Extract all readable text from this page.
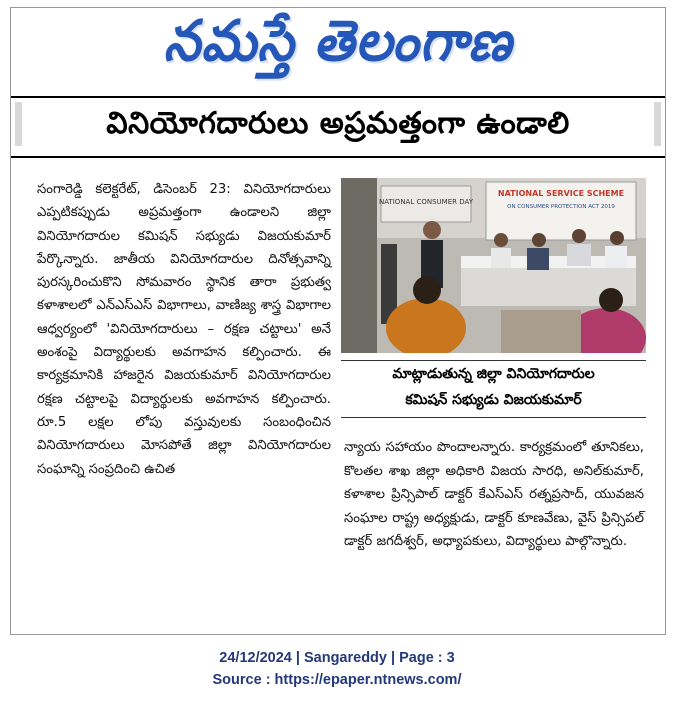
నమస్తే తెలంగాణ
వినియోగదారులు అప్రమత్తంగా ఉండాలి

సంగారెడ్డి కలెక్టరేట్, డిసెంబర్ 23: వినియోగదారులు ఎప్పటికప్పుడు అప్రమత్తంగా ఉండాలని జిల్లా వినియోగదారుల కమిషన్ సభ్యుడు విజయకుమార్ పేర్కొన్నారు. జాతీయ వినియోగదారుల దినోత్సవాన్ని పురస్కరించుకొని సోమవారం స్థానిక తారా ప్రభుత్వ కళాశాలలో ఎన్ఎస్ఎస్ విభాగాలు, వాణిజ్య శాస్త్ర విభాగాల ఆధ్వర్యంలో 'వినియోగదారులు – రక్షణ చట్టాలు' అనే అంశంపై విద్యార్థులకు అవగాహన కల్పించారు. ఈ కార్యక్రమానికి హాజరైన విజయకుమార్ వినియోగదారుల రక్షణ చట్టాలపై విద్యార్థులకు అవగాహన కల్పించారు. రూ.5 లక్షల లోపు వస్తువులకు సంబంధించిన వినియోగదారులు మోసపోతే జిల్లా వినియోగదారుల సంఘాన్ని సంప్రదించి ఉచిత

NATIONAL CONSUMER DAY
NATIONAL SERVICE SCHEME
ON CONSUMER PROTECTION ACT 2019
మాట్లాడుతున్న జిల్లా వినియోగదారుల
కమిషన్ సభ్యుడు విజయకుమార్

న్యాయ సహాయం పొందాలన్నారు. కార్యక్రమంలో తూనికలు, కొలతల శాఖ జిల్లా అధికారి విజయ సారధి, అనిల్‌కుమార్, కళాశాల ప్రిన్సిపాల్ డాక్టర్ కేఎస్ఎస్ రత్నప్రసాద్, యువజన సంఘాల రాష్ట్ర అధ్యక్షుడు, డాక్టర్ కూణవేణు, వైస్ ప్రిన్సిపల్ డాక్టర్ జగదీశ్వర్, అధ్యాపకులు, విద్యార్థులు పాల్గొన్నారు.

24/12/2024 | Sangareddy | Page : 3
Source : https://epaper.ntnews.com/
